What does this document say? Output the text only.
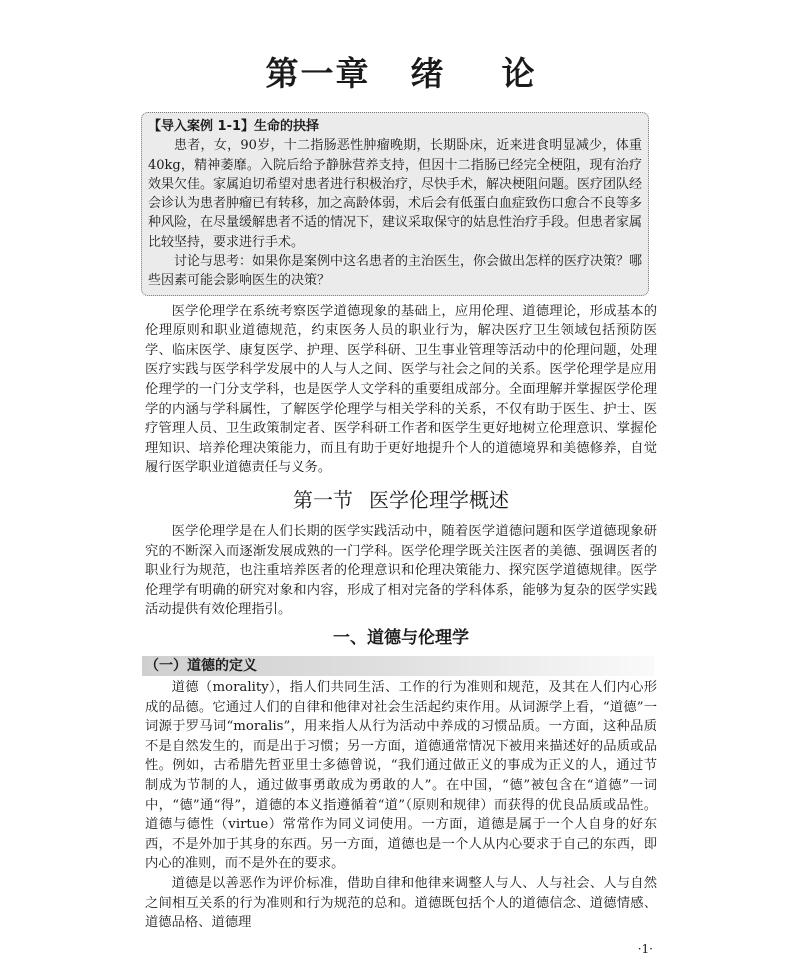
第一章 绪 论
【导入案例 1-1】生命的抉择

患者，女，90岁，十二指肠恶性肿瘤晚期，长期卧床，近来进食明显减少，体重40kg，精神萎靡。入院后给予静脉营养支持，但因十二指肠已经完全梗阻，现有治疗效果欠佳。家属迫切希望对患者进行积极治疗，尽快手术，解决梗阻问题。医疗团队经会诊认为患者肿瘤已有转移，加之高龄体弱，术后会有低蛋白血症致伤口愈合不良等多种风险，在尽量缓解患者不适的情况下，建议采取保守的姑息性治疗手段。但患者家属比较坚持，要求进行手术。

讨论与思考：如果你是案例中这名患者的主治医生，你会做出怎样的医疗决策？哪些因素可能会影响医生的决策？

医学伦理学在系统考察医学道德现象的基础上，应用伦理、道德理论，形成基本的伦理原则和职业道德规范，约束医务人员的职业行为，解决医疗卫生领域包括预防医学、临床医学、康复医学、护理、医学科研、卫生事业管理等活动中的伦理问题，处理医疗实践与医学科学发展中的人与人之间、医学与社会之间的关系。医学伦理学是应用伦理学的一门分支学科，也是医学人文学科的重要组成部分。全面理解并掌握医学伦理学的内涵与学科属性，了解医学伦理学与相关学科的关系，不仅有助于医生、护士、医疗管理人员、卫生政策制定者、医学科研工作者和医学生更好地树立伦理意识、掌握伦理知识、培养伦理决策能力，而且有助于更好地提升个人的道德境界和美德修养，自觉履行医学职业道德责任与义务。

第一节 医学伦理学概述

医学伦理学是在人们长期的医学实践活动中，随着医学道德问题和医学道德现象研究的不断深入而逐渐发展成熟的一门学科。医学伦理学既关注医者的美德、强调医者的职业行为规范，也注重培养医者的伦理意识和伦理决策能力、探究医学道德规律。医学伦理学有明确的研究对象和内容，形成了相对完备的学科体系，能够为复杂的医学实践活动提供有效伦理指引。

一、道德与伦理学
（一）道德的定义

道德（morality），指人们共同生活、工作的行为准则和规范，及其在人们内心形成的品德。它通过人们的自律和他律对社会生活起约束作用。从词源学上看，“道德”一词源于罗马词“moralis”，用来指人从行为活动中养成的习惯品质。一方面，这种品质不是自然发生的，而是出于习惯；另一方面，道德通常情况下被用来描述好的品质或品性。例如，古希腊先哲亚里士多德曾说，“我们通过做正义的事成为正义的人，通过节制成为节制的人，通过做事勇敢成为勇敢的人”。在中国，“德”被包含在“道德”一词中，“德”通“得”，道德的本义指遵循着“道”（原则和规律）而获得的优良品质或品性。道德与德性（virtue）常常作为同义词使用。一方面，道德是属于一个人自身的好东西，不是外加于其身的东西。另一方面，道德也是一个人从内心要求于自己的东西，即内心的准则，而不是外在的要求。

道德是以善恶作为评价标准，借助自律和他律来调整人与人、人与社会、人与自然之间相互关系的行为准则和行为规范的总和。道德既包括个人的道德信念、道德情感、道德品格、道德理

·1·
